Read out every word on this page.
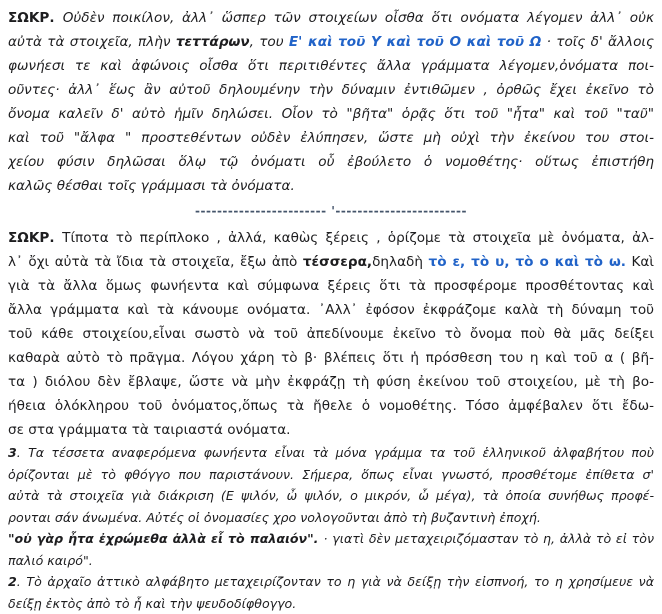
ΣΩΚΡ. Οὐδὲν ποικίλον, ἀλλ᾽ ὥσπερ τῶν στοιχείων οἶσθα ὅτι ονόματα λέγομεν ἀλλ᾽ οὐκ
αὐτὰ τὰ στοιχεῖα, πλὴν τεττάρων, του Ε' καὶ τοῦ Υ καὶ τοῦ Ο καὶ τοῦ Ω · τοῖς δ' ἄλλοις
φωνήεσι τε καὶ ἀφώνοις οἶσθα ὅτι περιτιθέντες ἄλλα γράμματα λέγομεν,ὀνόματα ποι-
οῦντες· ἀλλ᾽ ἕως ἂν αὐτοῦ δηλουμένην τὴν δύναμιν ἐντιθῶμεν , ὀρθῶς ἔχει ἐκεῖνο τὸ
ὄνομα καλεῖν δ' αὐτὸ ἡμῖν δηλώσει. Οἷον τὸ "βῆτα" ὁρᾷς ὅτι τοῦ "ἦτα" καὶ τοῦ "ταῦ"
καὶ τοῦ "ἄλφα " προστεθέντων οὐδὲν ἐλύπησεν, ὥστε μὴ οὐχὶ τὴν ἐκείνου του στοι-
χείου φύσιν δηλῶσαι ὅλῳ τῷ ὀνόματι οὗ ἐβούλετο ὁ νομοθέτης· οὕτως ἐπιστήθη
καλῶς θέσθαι τοῖς γράμμασι τὰ ὀνόματα.
------------------------ '------------------------
ΣΩΚΡ. Τίποτα τὸ περίπλοκο , ἀλλά, καθὼς ξέρεις , ὁρίζομε τὰ στοιχεῖα μὲ ὀνόματα, ἀλ-
λ᾽ ὄχι αὐτὰ τὰ ἴδια τὰ στοιχεῖα, ἔξω ἀπὸ τέσσερα,δηλαδὴ τὸ ε, τὸ υ, τὸ ο καὶ τὸ ω. Καὶ
γιὰ τὰ ἄλλα ὅμως φωνήεντα καὶ σύμφωνα ξέρεις ὅτι τὰ προσφέρομε προσθέτοντας καὶ
ἄλλα γράμματα καὶ τὰ κάνουμε ονόματα. ᾽Αλλ᾽ ἐφόσον ἐκφράζομε καλὰ τὴ δύναμη τοῦ
τοῦ κάθε στοιχείου,εἶναι σωστὸ νὰ τοῦ ἀπεδίνουμε ἐκεῖνο τὸ ὄνομα ποὺ θὰ μᾶς δείξει
καθαρὰ αὐτὸ τὸ πρᾶγμα. Λόγου χάρη τὸ β· βλέπεις ὅτι ἡ πρόσθεση του η καὶ τοῦ α ( βῆ-
τα ) διόλου δὲν ἔβλαψε, ὥστε νὰ μὴν ἐκφράζῃ τὴ φύση ἐκείνου τοῦ στοιχείου, μὲ τὴ βο-
ήθεια ὁλόκληρου τοῦ ὀνόματος,ὅπως τὰ ἤθελε ὁ νομοθέτης. Τόσο ἀμφέβαλεν ὅτι ἔδω-
σε στα γράμματα τὰ ταιριαστά ονόματα.
3. Τα τέσσετα αναφερόμενα φωνήεντα εἶναι τὰ μόνα γράμμα τα τοῦ ἑλληνικοῦ ἀλφαβήτου ποὺ
ὁρίζονται μὲ τὸ φθόγγο που παριστάνουν. Σήμερα, ὅπως εἶναι γνωστό, προσθέτομε ἐπίθετα σ'
αὐτὰ τὰ στοιχεῖα γιὰ διάκριση (Ε ψιλόν, ὦ ψιλόν, ο μικρόν, ὦ μέγα), τὰ ὁποία συνήθως προφέ-
ρονται σάν άνωμένα. Αὐτές οἱ ὀνομασίες χρο νολογοῦνται ἀπὸ τὴ βυζαντινὴ ἐποχή.
"οὐ γὰρ ἦτα ἐχρώμεθα ἀλλὰ εἶ τὸ παλαιόν". · γιατὶ δὲν μεταχειριζόμασταν τὸ η, ἀλλὰ τὸ εἰ τὸν
παλιό καιρό".
2. Τὸ ἀρχαῖο ἀττικὸ αλφάβητο μεταχειρίζονταν το η γιὰ νὰ δείξῃ τὴν εἰσπνοή, το η χρησίμευε νὰ
δείξῃ ἐκτὸς ἀπὸ τὸ ἦ καὶ τὴν ψευδοδίφθογγο.
